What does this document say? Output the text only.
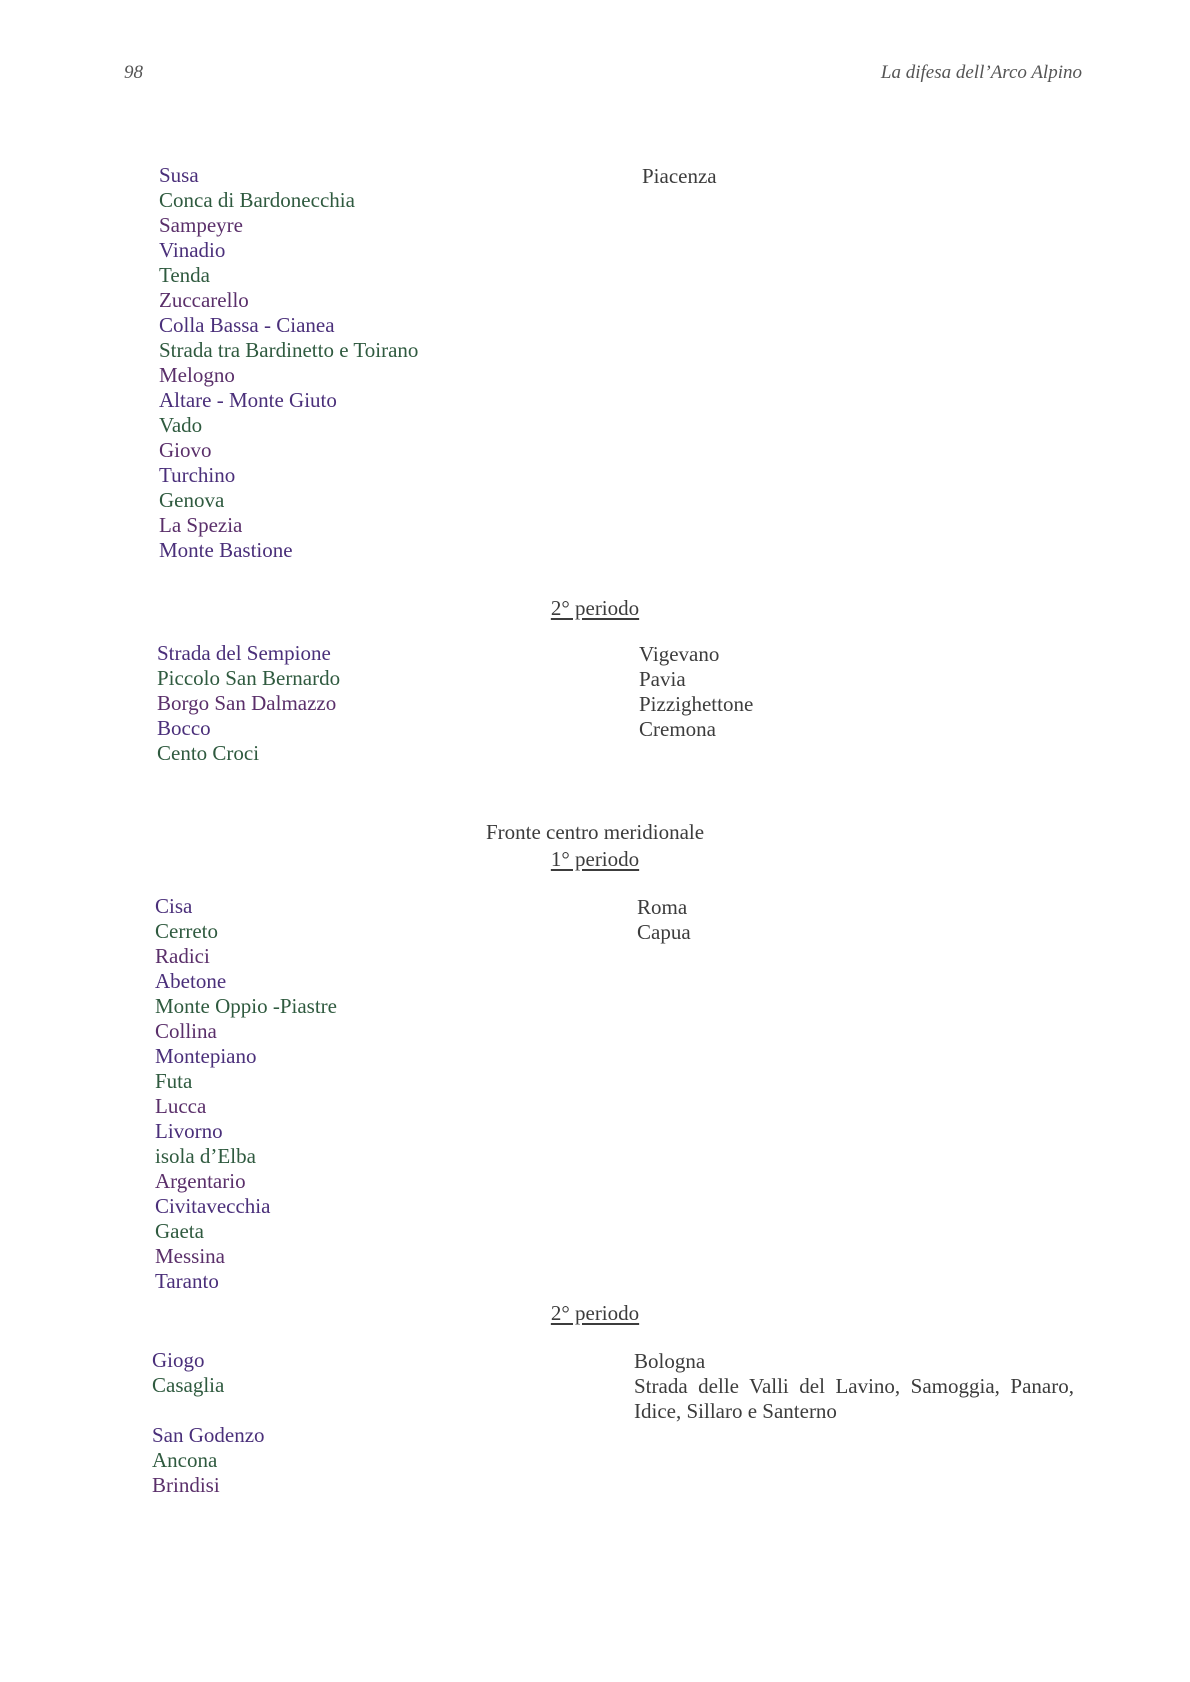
98	La difesa dell’Arco Alpino
Susa
Conca di Bardonecchia
Sampeyre
Vinadio
Tenda
Zuccarello
Colla Bassa - Cianea
Strada tra Bardinetto e Toirano
Melogno
Altare - Monte Giuto
Vado
Giovo
Turchino
Genova
La Spezia
Monte Bastione
Piacenza
2° periodo
Strada del Sempione
Piccolo San Bernardo
Borgo San Dalmazzo
Bocco
Cento Croci
Vigevano
Pavia
Pizzighettone
Cremona
Fronte centro meridionale
1° periodo
Cisa
Cerreto
Radici
Abetone
Monte Oppio -Piastre
Collina
Montepiano
Futa
Lucca
Livorno
isola d’Elba
Argentario
Civitavecchia
Gaeta
Messina
Taranto
Roma
Capua
2° periodo
Giogo
Casaglia
San Godenzo
Ancona
Brindisi
Bologna
Strada delle Valli del Lavino, Samoggia, Panaro, Idice, Sillaro e Santerno
